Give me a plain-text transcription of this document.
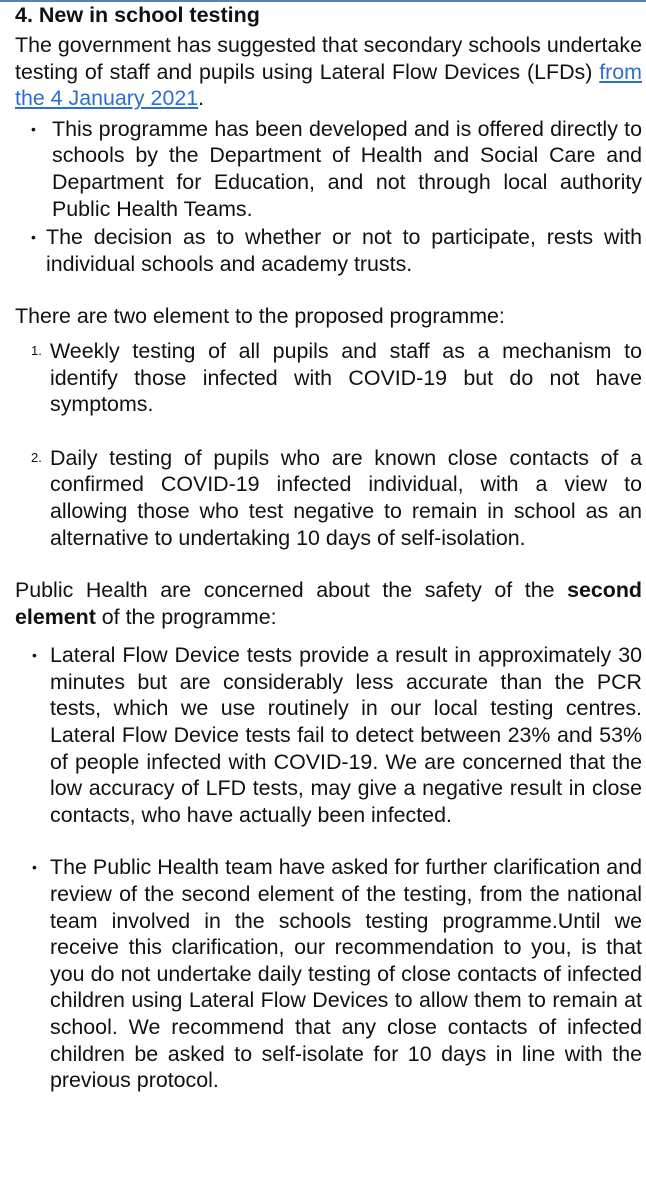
4. New in school testing

The government has suggested that secondary schools undertake testing of staff and pupils using Lateral Flow Devices (LFDs) from the 4 January 2021.

• This programme has been developed and is offered directly to schools by the Department of Health and Social Care and Department for Education, and not through local authority Public Health Teams.
• The decision as to whether or not to participate, rests with individual schools and academy trusts.

There are two element to the proposed programme:

1. Weekly testing of all pupils and staff as a mechanism to identify those infected with COVID-19 but do not have symptoms.
2. Daily testing of pupils who are known close contacts of a confirmed COVID-19 infected individual, with a view to allowing those who test negative to remain in school as an alternative to undertaking 10 days of self-isolation.

Public Health are concerned about the safety of the second element of the programme:

• Lateral Flow Device tests provide a result in approximately 30 minutes but are considerably less accurate than the PCR tests, which we use routinely in our local testing centres. Lateral Flow Device tests fail to detect between 23% and 53% of people infected with COVID-19. We are concerned that the low accuracy of LFD tests, may give a negative result in close contacts, who have actually been infected.
• The Public Health team have asked for further clarification and review of the second element of the testing, from the national team involved in the schools testing programme.Until we receive this clarification, our recommendation to you, is that you do not undertake daily testing of close contacts of infected children using Lateral Flow Devices to allow them to remain at school. We recommend that any close contacts of infected children be asked to self-isolate for 10 days in line with the previous protocol.
